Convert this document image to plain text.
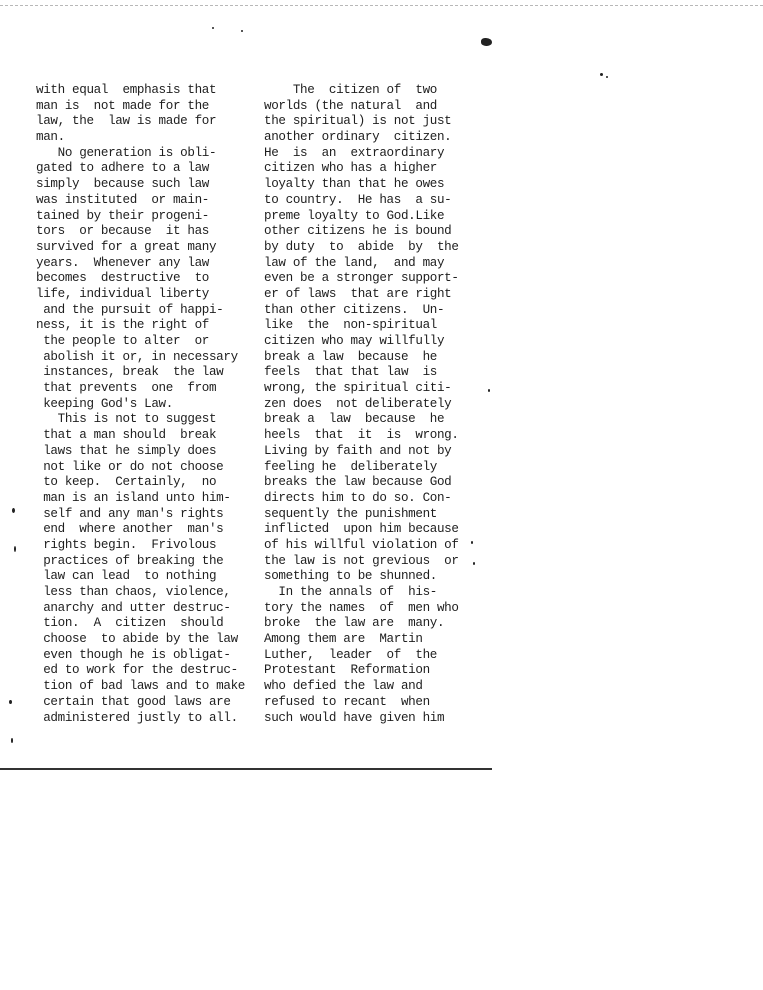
with equal  emphasis that
man is  not made for the
law, the  law is made for
man.
No generation is obli-
gated to adhere to a law
simply  because such law
was instituted  or main-
tained by their progeni-
tors  or because  it has
survived for a great many
years.  Whenever any law
becomes  destructive  to
life, individual liberty
and the pursuit of happi-
ness, it is the right of
the people to alter  or
abolish it or, in necessary
instances, break  the law
that prevents  one  from
keeping God's Law.
This is not to suggest
that a man should  break
laws that he simply does
not like or do not choose
to keep.  Certainly,  no
man is an island unto him-
self and any man's rights
end  where another  man's
rights begin.  Frivolous
practices of breaking the
law can lead  to nothing
less than chaos, violence,
anarchy and utter destruc-
tion.  A  citizen  should
choose  to abide by the law
even though he is obligat-
ed to work for the destruc-
tion of bad laws and to make
certain that good laws are
administered justly to all.
The  citizen of  two
worlds (the natural  and
the spiritual) is not just
another ordinary  citizen.
He  is  an  extraordinary
citizen who has a higher
loyalty than that he owes
to country.  He has  a su-
preme loyalty to God.Like
other citizens he is bound
by duty  to  abide  by  the
law of the land,  and may
even be a stronger support-
er of laws  that are right
than other citizens.  Un-
like  the  non-spiritual
citizen who may willfully
break a law  because  he
feels  that that law  is
wrong, the spiritual citi-
zen does  not deliberately
break a  law  because  he
heels  that  it  is  wrong.
Living by faith and not by
feeling he  deliberately
breaks the law because God
directs him to do so. Con-
sequently the punishment
inflicted  upon him because
of his willful violation of
the law is not grevious  or
something to be shunned.
In the annals of  his-
tory the names  of  men who
broke  the law are  many.
Among them are  Martin
Luther,  leader  of  the
Protestant  Reformation
who defied the law and
refused to recant  when
such would have given him
